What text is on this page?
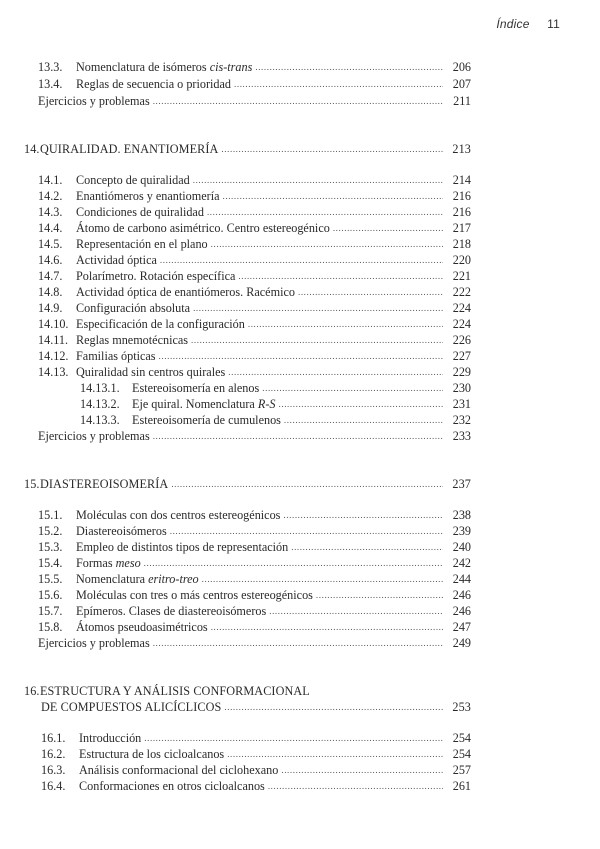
Índice 11
13.3.	Nomenclatura de isómeros cis-trans .....	206
13.4.	Reglas de secuencia o prioridad .....	207
Ejercicios y problemas .....	211
14. QUIRALIDAD. ENANTIOMERÍA .....	213
14.1.	Concepto de quiralidad .....	214
14.2.	Enantiómeros y enantiomería .....	216
14.3.	Condiciones de quiralidad .....	216
14.4.	Átomo de carbono asimétrico. Centro estereogénico .....	217
14.5.	Representación en el plano .....	218
14.6.	Actividad óptica .....	220
14.7.	Polarímetro. Rotación específica .....	221
14.8.	Actividad óptica de enantiómeros. Racémico .....	222
14.9.	Configuración absoluta .....	224
14.10. Especificación de la configuración .....	224
14.11. Reglas mnemotécnicas .....	226
14.12. Familias ópticas .....	227
14.13. Quiralidad sin centros quirales .....	229
14.13.1.	Estereoisomería en alenos .....	230
14.13.2.	Eje quiral. Nomenclatura R-S .....	231
14.13.3.	Estereoisomería de cumulenos .....	232
Ejercicios y problemas .....	233
15. DIASTEREOISOMERÍA .....	237
15.1.	Moléculas con dos centros estereogénicos .....	238
15.2.	Diastereoisómeros .....	239
15.3.	Empleo de distintos tipos de representación .....	240
15.4.	Formas meso .....	242
15.5.	Nomenclatura eritro-treo .....	244
15.6.	Moléculas con tres o más centros estereogénicos .....	246
15.7.	Epímeros. Clases de diastereoisómeros .....	246
15.8.	Átomos pseudoasimétricos .....	247
Ejercicios y problemas .....	249
16. ESTRUCTURA Y ANÁLISIS CONFORMACIONAL
DE COMPUESTOS ALICÍCLICOS .....	253
16.1.	Introducción .....	254
16.2.	Estructura de los cicloalcanos .....	254
16.3.	Análisis conformacional del ciclohexano .....	257
16.4.	Conformaciones en otros cicloalcanos .....	261
